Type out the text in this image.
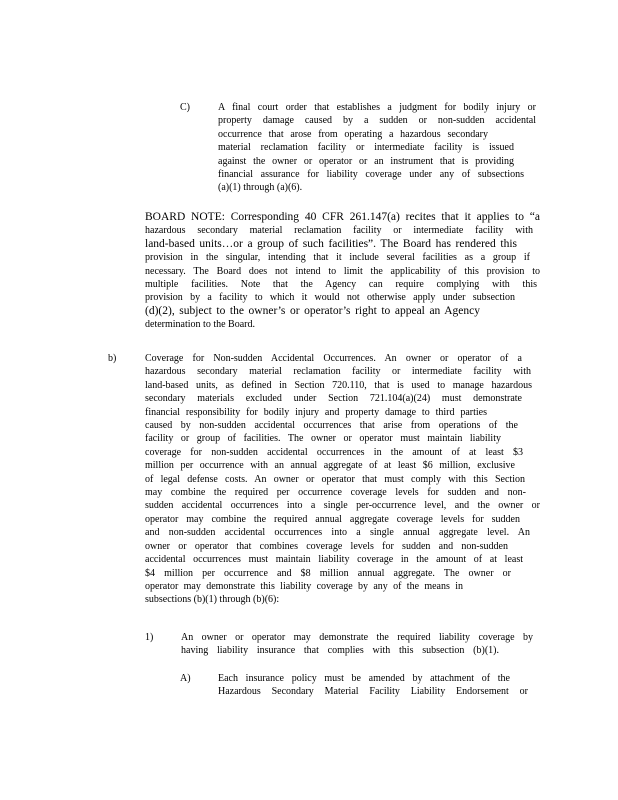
C)	A final court order that establishes a judgment for bodily injury or
property damage caused by a sudden or non-sudden accidental
occurrence that arose from operating a hazardous secondary
material reclamation facility or intermediate facility is issued
against the owner or operator or an instrument that is providing
financial assurance for liability coverage under any of subsections
(a)(1) through (a)(6).
BOARD NOTE: Corresponding 40 CFR 261.147(a) recites that it applies to “a
hazardous secondary material reclamation facility or intermediate facility with
land-based units…or a group of such facilities”. The Board has rendered this
provision in the singular, intending that it include several facilities as a group if
necessary. The Board does not intend to limit the applicability of this provision to
multiple facilities. Note that the Agency can require complying with this
provision by a facility to which it would not otherwise apply under subsection
(d)(2), subject to the owner’s or operator’s right to appeal an Agency
determination to the Board.
b)	Coverage for Non-sudden Accidental Occurrences. An owner or operator of a
hazardous secondary material reclamation facility or intermediate facility with
land-based units, as defined in Section 720.110, that is used to manage hazardous
secondary materials excluded under Section 721.104(a)(24) must demonstrate
financial responsibility for bodily injury and property damage to third parties
caused by non-sudden accidental occurrences that arise from operations of the
facility or group of facilities. The owner or operator must maintain liability
coverage for non-sudden accidental occurrences in the amount of at least $3
million per occurrence with an annual aggregate of at least $6 million, exclusive
of legal defense costs. An owner or operator that must comply with this Section
may combine the required per occurrence coverage levels for sudden and non-
sudden accidental occurrences into a single per-occurrence level, and the owner or
operator may combine the required annual aggregate coverage levels for sudden
and non-sudden accidental occurrences into a single annual aggregate level. An
owner or operator that combines coverage levels for sudden and non-sudden
accidental occurrences must maintain liability coverage in the amount of at least
$4 million per occurrence and $8 million annual aggregate. The owner or
operator may demonstrate this liability coverage by any of the means in
subsections (b)(1) through (b)(6):
1)	An owner or operator may demonstrate the required liability coverage by
having liability insurance that complies with this subsection (b)(1).
A)	Each insurance policy must be amended by attachment of the
Hazardous Secondary Material Facility Liability Endorsement or
